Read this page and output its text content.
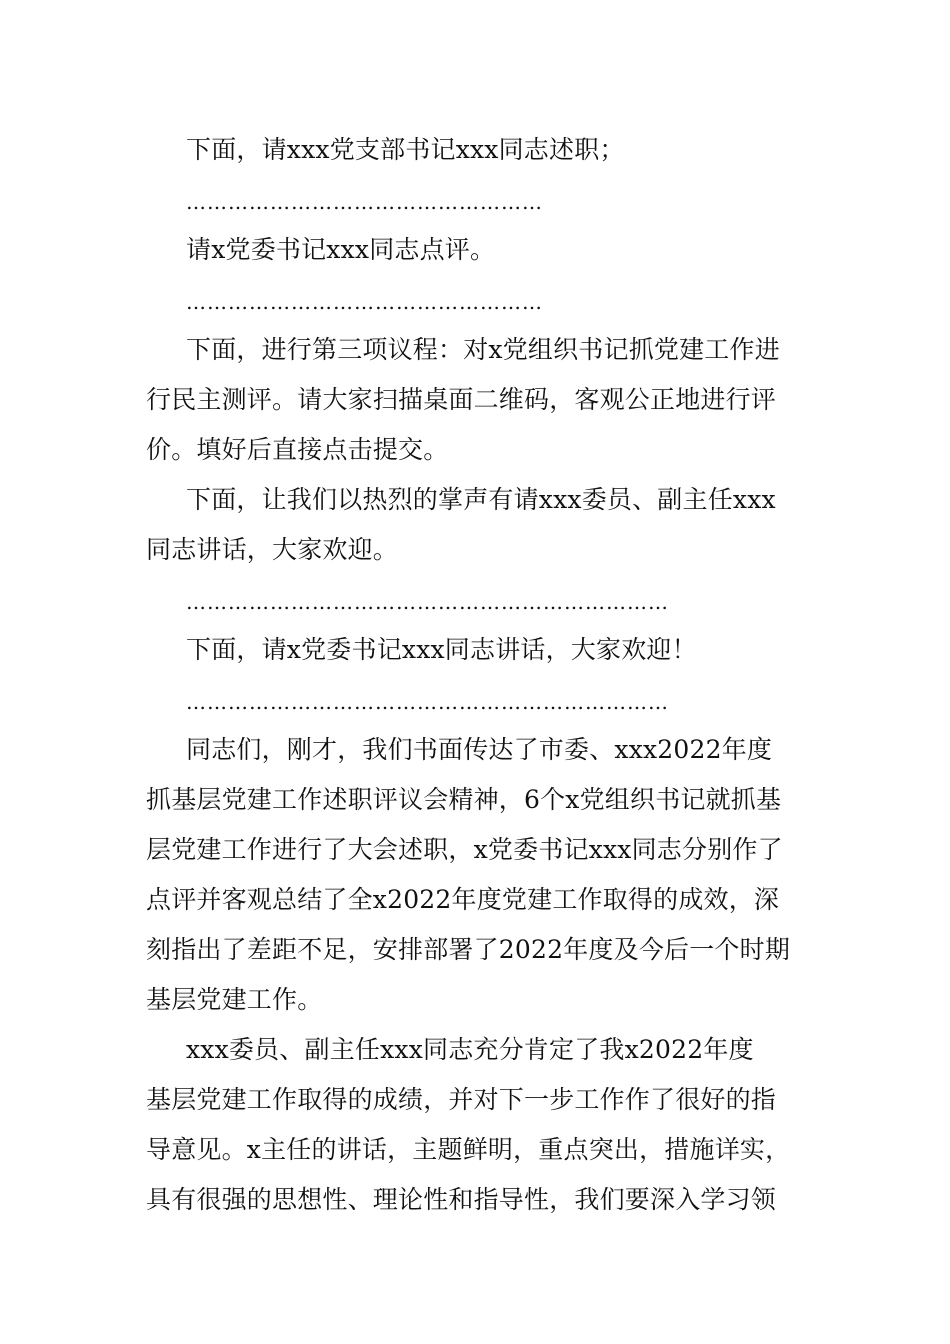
下面，请xxx党支部书记xxx同志述职；
……………………………………………
请x党委书记xxx同志点评。
……………………………………………
下面，进行第三项议程：对x党组织书记抓党建工作进
行民主测评。请大家扫描桌面二维码，客观公正地进行评
价。填好后直接点击提交。
下面，让我们以热烈的掌声有请xxx委员、副主任xxx
同志讲话，大家欢迎。
……………………………………………………………
下面，请x党委书记xxx同志讲话，大家欢迎！
……………………………………………………………
同志们，刚才，我们书面传达了市委、xxx2022年度
抓基层党建工作述职评议会精神，6个x党组织书记就抓基
层党建工作进行了大会述职，x党委书记xxx同志分别作了
点评并客观总结了全x2022年度党建工作取得的成效，深
刻指出了差距不足，安排部署了2022年度及今后一个时期
基层党建工作。
xxx委员、副主任xxx同志充分肯定了我x2022年度
基层党建工作取得的成绩，并对下一步工作作了很好的指
导意见。x主任的讲话，主题鲜明，重点突出，措施详实，
具有很强的思想性、理论性和指导性，我们要深入学习领
